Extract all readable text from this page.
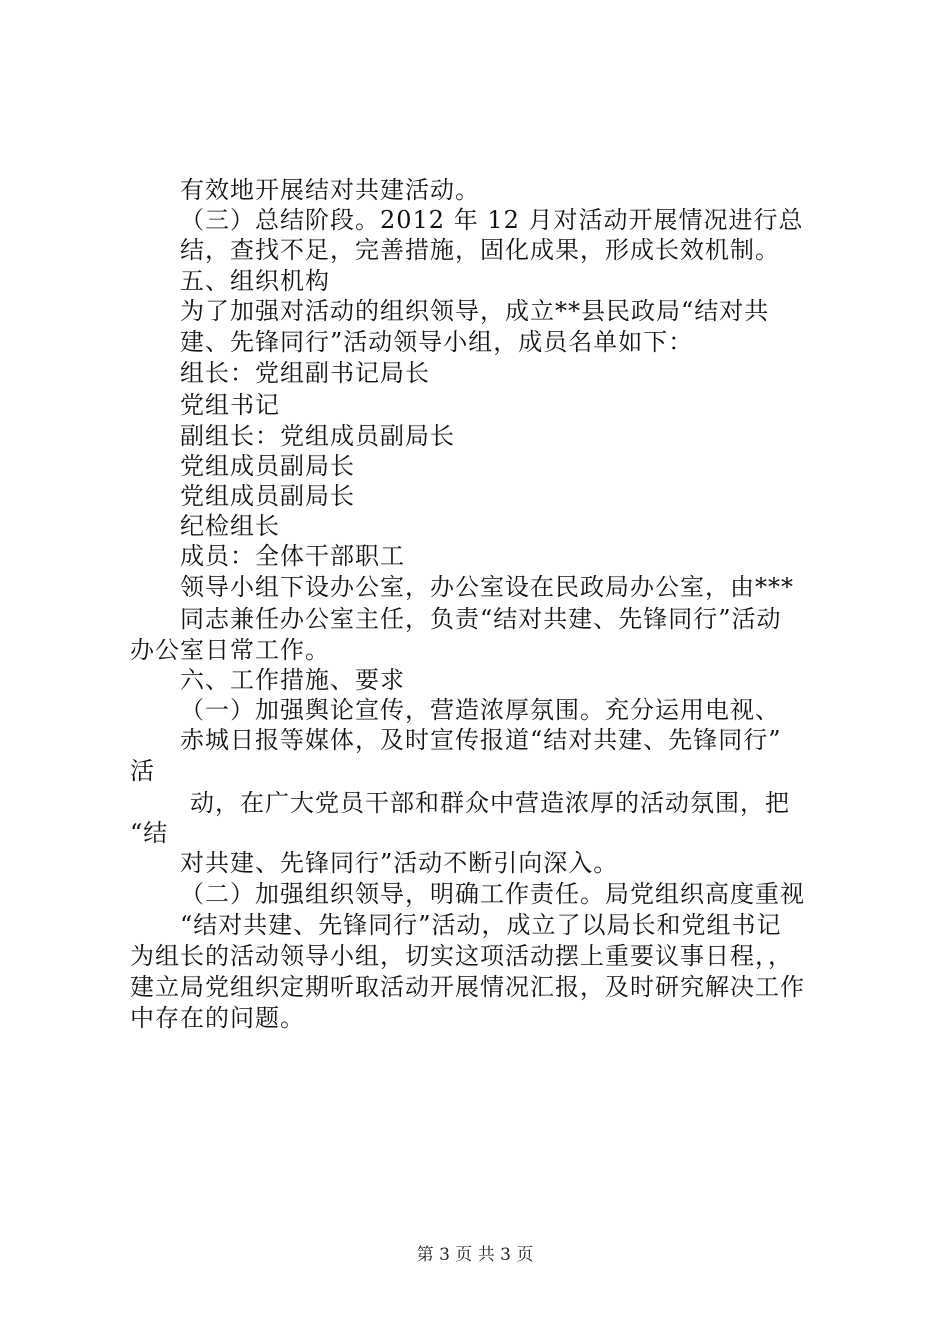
有效地开展结对共建活动。
（三）总结阶段。2012 年 12 月对活动开展情况进行总
结，查找不足，完善措施，固化成果，形成长效机制。
五、组织机构
为了加强对活动的组织领导，成立**县民政局“结对共
建、先锋同行”活动领导小组，成员名单如下：
组长：党组副书记局长
党组书记
副组长：党组成员副局长
党组成员副局长
党组成员副局长
纪检组长
成员：全体干部职工
领导小组下设办公室，办公室设在民政局办公室，由***
同志兼任办公室主任，负责“结对共建、先锋同行”活动
办公室日常工作。
六、工作措施、要求
（一）加强舆论宣传，营造浓厚氛围。充分运用电视、
赤城日报等媒体，及时宣传报道“结对共建、先锋同行”
活
动，在广大党员干部和群众中营造浓厚的活动氛围，把
“结
对共建、先锋同行”活动不断引向深入。
（二）加强组织领导，明确工作责任。局党组织高度重视
“结对共建、先锋同行”活动，成立了以局长和党组书记
为组长的活动领导小组，切实这项活动摆上重要议事日程，，
建立局党组织定期听取活动开展情况汇报，及时研究解决工作
中存在的问题。
第 3 页 共 3 页
